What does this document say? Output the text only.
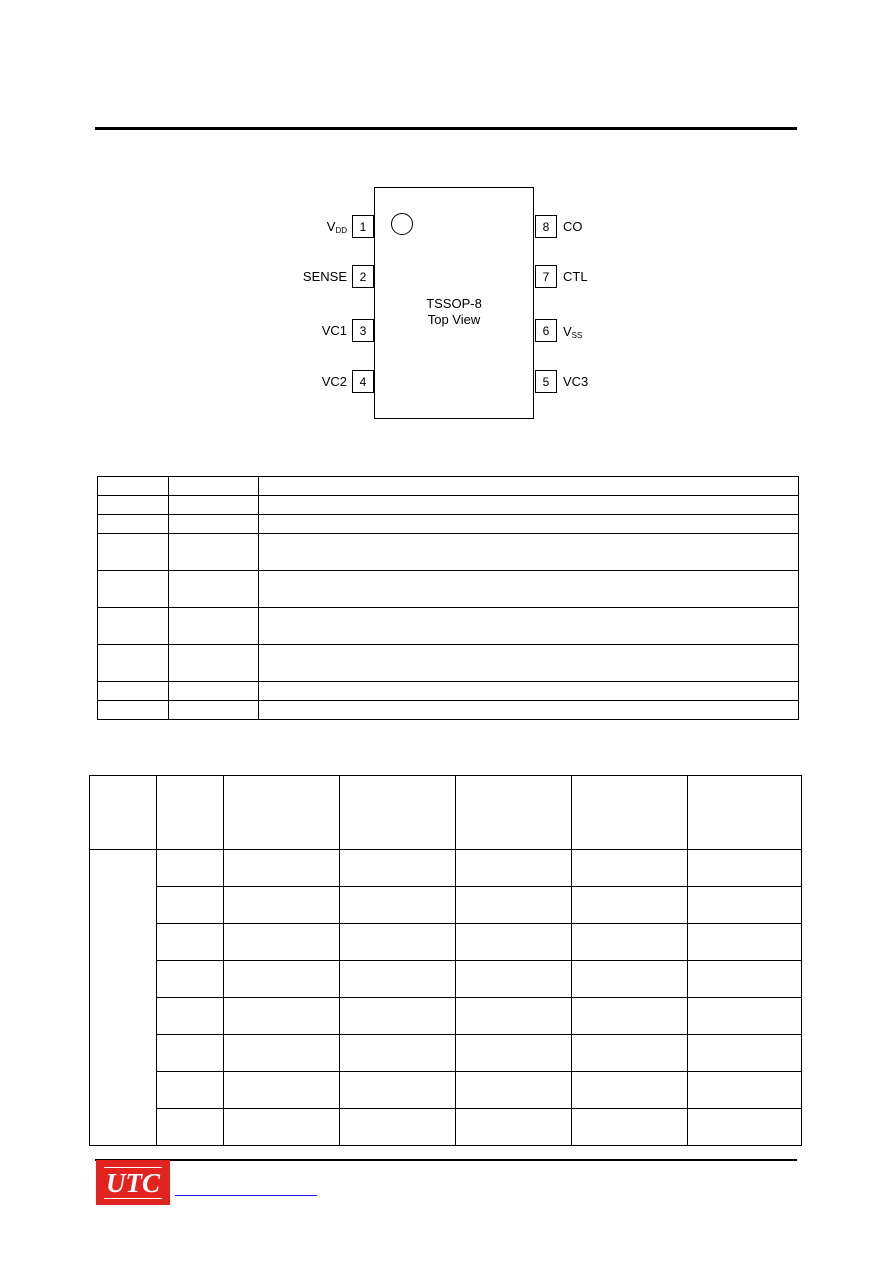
TSSOP-8
Top View
1
2
3
4
$V_{DD}$
SENSE
VC1
VC2
8
7
6
5
CO
CTL
$V_{SS}$
VC3

UTC
